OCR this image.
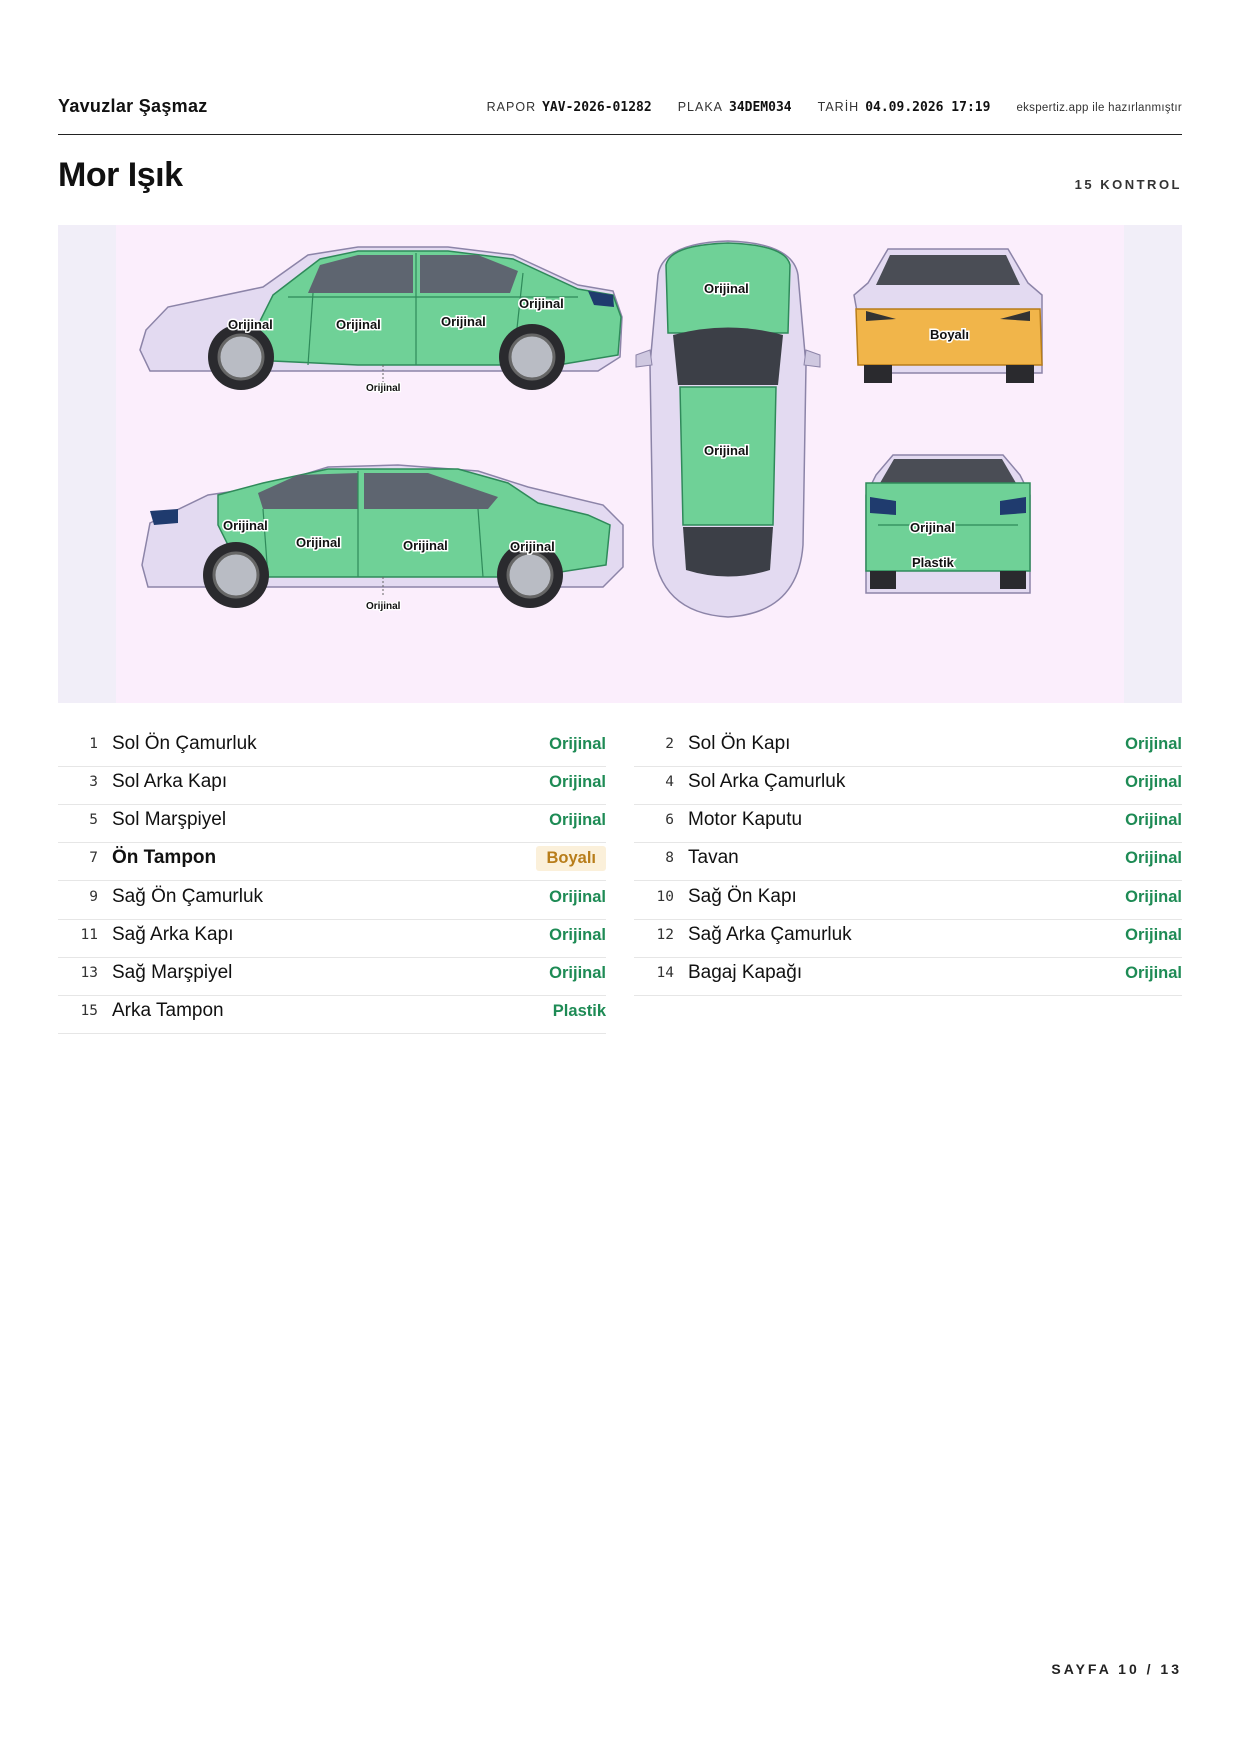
Yavuzlar Şaşmaz	RAPOR YAV-2026-01282 PLAKA 34DEM034 TARİH 04.09.2026 17:19 ekspertiz.app ile hazırlanmıştır
Mor Işık	15 KONTROL
Orijinal	Orijinal	Orijinal
Orijinal
Orijinal
Orijinal
Orijinal	Orijinal	Orijinal
Orijinal
Orijinal
Orijinal
Boyalı
Orijinal
Plastik
1 Sol Ön Çamurluk	Orijinal	2 Sol Ön Kapı	Orijinal
3 Sol Arka Kapı	Orijinal	4 Sol Arka Çamurluk	Orijinal
5 Sol Marşpiyel	Orijinal	6 Motor Kaputu	Orijinal
7 Ön Tampon	Boyalı	8 Tavan	Orijinal
9 Sağ Ön Çamurluk	Orijinal	10 Sağ Ön Kapı	Orijinal
11 Sağ Arka Kapı	Orijinal	12 Sağ Arka Çamurluk	Orijinal
13 Sağ Marşpiyel	Orijinal	14 Bagaj Kapağı	Orijinal
15 Arka Tampon	Plastik
SAYFA 10 / 13
